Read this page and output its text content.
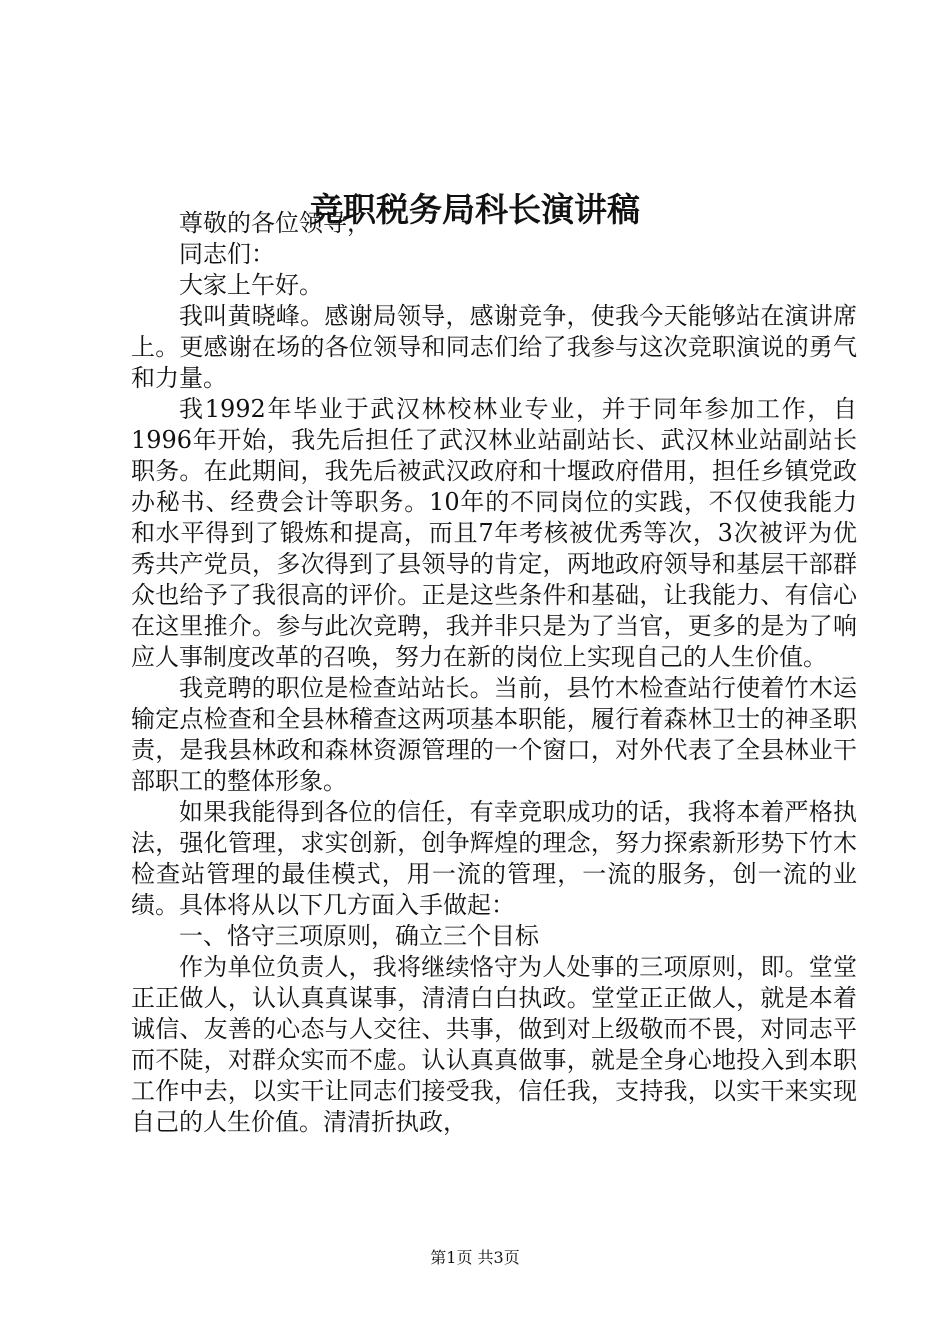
竞职税务局科长演讲稿

尊敬的各位领导，

同志们：

大家上午好。

我叫黄晓峰。感谢局领导，感谢竞争，使我今天能够站在演讲席上。更感谢在场的各位领导和同志们给了我参与这次竞职演说的勇气和力量。

我1992年毕业于武汉林校林业专业，并于同年参加工作，自1996年开始，我先后担任了武汉林业站副站长、武汉林业站副站长职务。在此期间，我先后被武汉政府和十堰政府借用，担任乡镇党政办秘书、经费会计等职务。10年的不同岗位的实践，不仅使我能力和水平得到了锻炼和提高，而且7年考核被优秀等次，3次被评为优秀共产党员，多次得到了县领导的肯定，两地政府领导和基层干部群众也给予了我很高的评价。正是这些条件和基础，让我能力、有信心在这里推介。参与此次竞聘，我并非只是为了当官，更多的是为了响应人事制度改革的召唤，努力在新的岗位上实现自己的人生价值。

我竞聘的职位是检查站站长。当前，县竹木检查站行使着竹木运输定点检查和全县林稽查这两项基本职能，履行着森林卫士的神圣职责，是我县林政和森林资源管理的一个窗口，对外代表了全县林业干部职工的整体形象。

如果我能得到各位的信任，有幸竞职成功的话，我将本着严格执法，强化管理，求实创新，创争辉煌的理念，努力探索新形势下竹木检查站管理的最佳模式，用一流的管理，一流的服务，创一流的业绩。具体将从以下几方面入手做起：

一、恪守三项原则，确立三个目标

作为单位负责人，我将继续恪守为人处事的三项原则，即。堂堂正正做人，认认真真谋事，清清白白执政。堂堂正正做人，就是本着诚信、友善的心态与人交往、共事，做到对上级敬而不畏，对同志平而不陡，对群众实而不虚。认认真真做事，就是全身心地投入到本职工作中去，以实干让同志们接受我，信任我，支持我，以实干来实现自己的人生价值。清清折执政，

第1页 共3页
